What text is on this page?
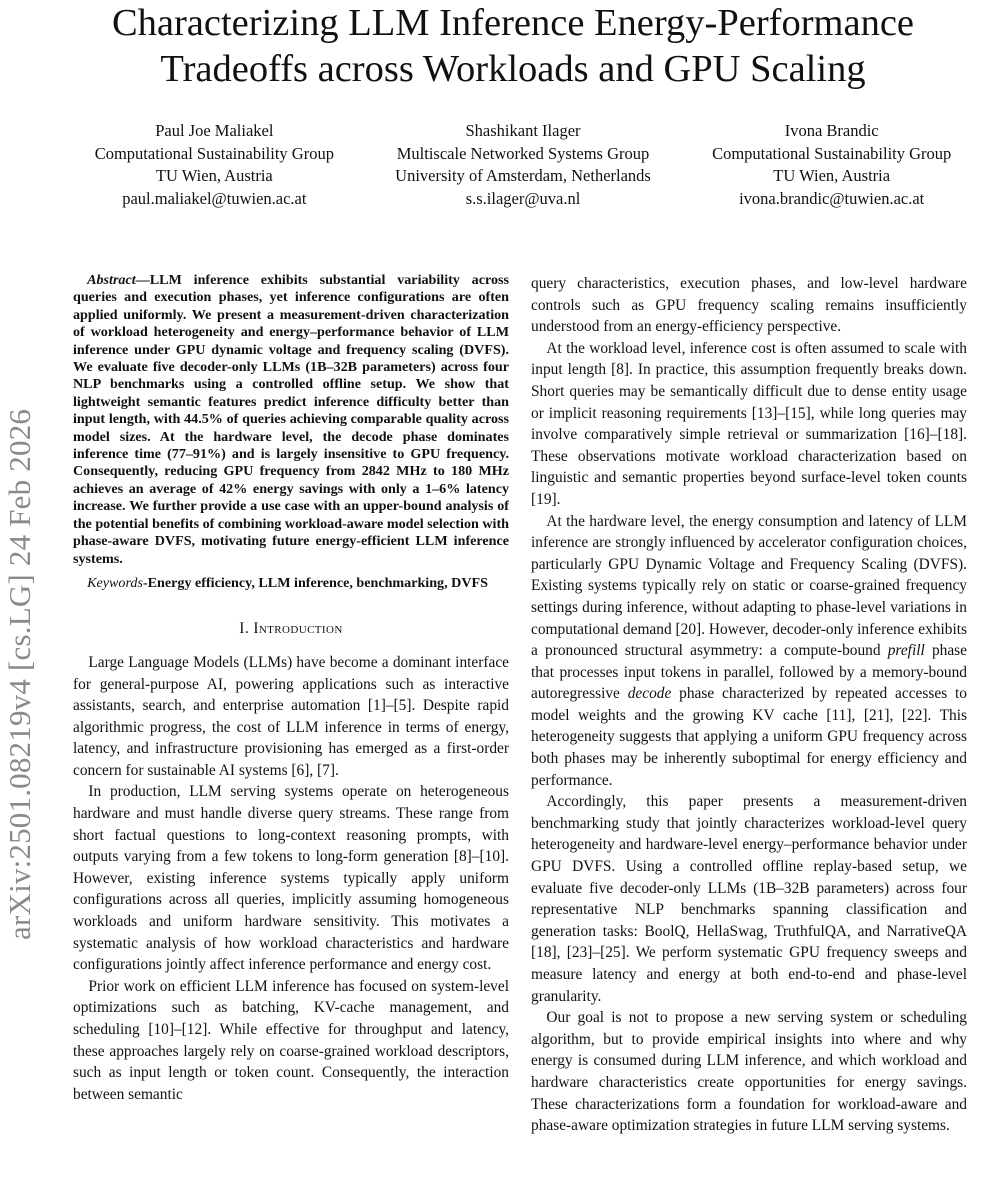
arXiv:2501.08219v4 [cs.LG] 24 Feb 2026
Characterizing LLM Inference Energy-Performance
Tradeoffs across Workloads and GPU Scaling
Paul Joe Maliakel
Computational Sustainability Group
TU Wien, Austria
paul.maliakel@tuwien.ac.at
Shashikant Ilager
Multiscale Networked Systems Group
University of Amsterdam, Netherlands
s.s.ilager@uva.nl
Ivona Brandic
Computational Sustainability Group
TU Wien, Austria
ivona.brandic@tuwien.ac.at

Abstract—LLM inference exhibits substantial variability across queries and execution phases, yet inference configurations are often applied uniformly. We present a measurement-driven characterization of workload heterogeneity and energy–performance behavior of LLM inference under GPU dynamic voltage and frequency scaling (DVFS). We evaluate five decoder-only LLMs (1B–32B parameters) across four NLP benchmarks using a controlled offline setup. We show that lightweight semantic features predict inference difficulty better than input length, with 44.5% of queries achieving comparable quality across model sizes. At the hardware level, the decode phase dominates inference time (77–91%) and is largely insensitive to GPU frequency. Consequently, reducing GPU frequency from 2842 MHz to 180 MHz achieves an average of 42% energy savings with only a 1–6% latency increase. We further provide a use case with an upper-bound analysis of the potential benefits of combining workload-aware model selection with phase-aware DVFS, motivating future energy-efficient LLM inference systems.

Keywords-Energy efficiency, LLM inference, benchmarking, DVFS

I. Introduction

Large Language Models (LLMs) have become a dominant interface for general-purpose AI, powering applications such as interactive assistants, search, and enterprise automation [1]–[5]. Despite rapid algorithmic progress, the cost of LLM inference in terms of energy, latency, and infrastructure provisioning has emerged as a first-order concern for sustainable AI systems [6], [7].

In production, LLM serving systems operate on heterogeneous hardware and must handle diverse query streams. These range from short factual questions to long-context reasoning prompts, with outputs varying from a few tokens to long-form generation [8]–[10]. However, existing inference systems typically apply uniform configurations across all queries, implicitly assuming homogeneous workloads and uniform hardware sensitivity. This motivates a systematic analysis of how workload characteristics and hardware configurations jointly affect inference performance and energy cost.

Prior work on efficient LLM inference has focused on system-level optimizations such as batching, KV-cache management, and scheduling [10]–[12]. While effective for throughput and latency, these approaches largely rely on coarse-grained workload descriptors, such as input length or token count. Consequently, the interaction between semantic

query characteristics, execution phases, and low-level hardware controls such as GPU frequency scaling remains insufficiently understood from an energy-efficiency perspective.

At the workload level, inference cost is often assumed to scale with input length [8]. In practice, this assumption frequently breaks down. Short queries may be semantically difficult due to dense entity usage or implicit reasoning requirements [13]–[15], while long queries may involve comparatively simple retrieval or summarization [16]–[18]. These observations motivate workload characterization based on linguistic and semantic properties beyond surface-level token counts [19].

At the hardware level, the energy consumption and latency of LLM inference are strongly influenced by accelerator configuration choices, particularly GPU Dynamic Voltage and Frequency Scaling (DVFS). Existing systems typically rely on static or coarse-grained frequency settings during inference, without adapting to phase-level variations in computational demand [20]. However, decoder-only inference exhibits a pronounced structural asymmetry: a compute-bound prefill phase that processes input tokens in parallel, followed by a memory-bound autoregressive decode phase characterized by repeated accesses to model weights and the growing KV cache [11], [21], [22]. This heterogeneity suggests that applying a uniform GPU frequency across both phases may be inherently suboptimal for energy efficiency and performance.

Accordingly, this paper presents a measurement-driven benchmarking study that jointly characterizes workload-level query heterogeneity and hardware-level energy–performance behavior under GPU DVFS. Using a controlled offline replay-based setup, we evaluate five decoder-only LLMs (1B–32B parameters) across four representative NLP benchmarks spanning classification and generation tasks: BoolQ, HellaSwag, TruthfulQA, and NarrativeQA [18], [23]–[25]. We perform systematic GPU frequency sweeps and measure latency and energy at both end-to-end and phase-level granularity.

Our goal is not to propose a new serving system or scheduling algorithm, but to provide empirical insights into where and why energy is consumed during LLM inference, and which workload and hardware characteristics create opportunities for energy savings. These characterizations form a foundation for workload-aware and phase-aware optimization strategies in future LLM serving systems.
